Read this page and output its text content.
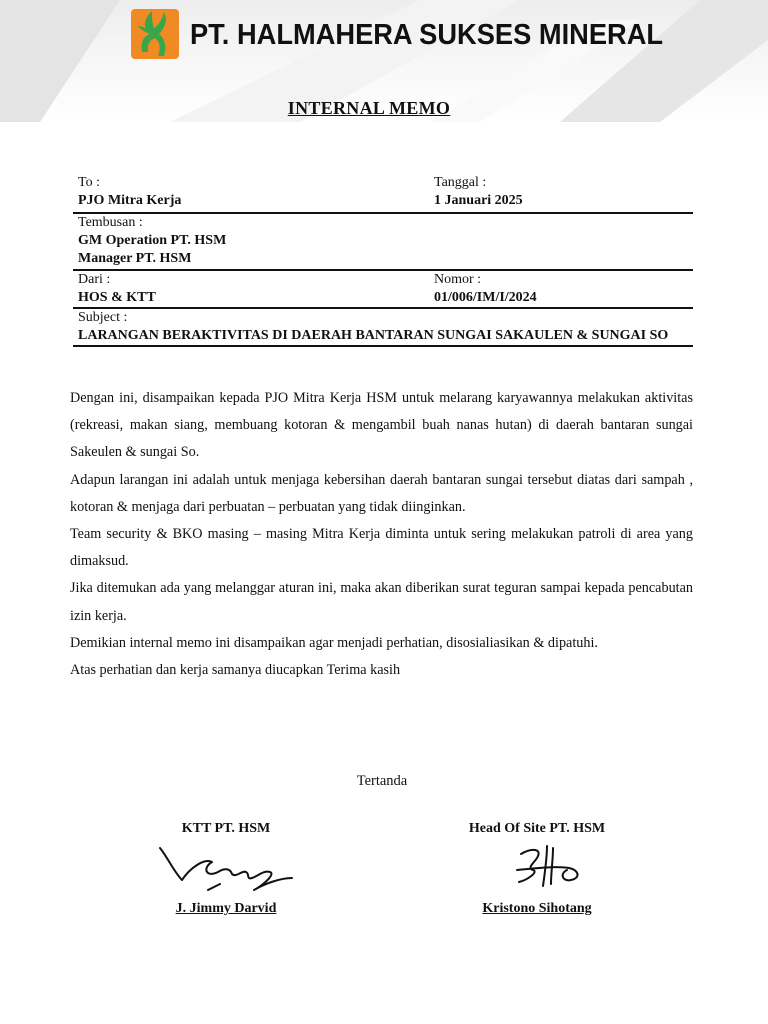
PT. HALMAHERA SUKSES MINERAL
INTERNAL MEMO
To :
PJO Mitra Kerja
Tanggal :
1 Januari 2025
Tembusan :
GM Operation PT. HSM
Manager PT. HSM
Dari :
HOS & KTT
Nomor :
01/006/IM/I/2024
Subject :
LARANGAN BERAKTIVITAS DI DAERAH BANTARAN SUNGAI SAKAULEN & SUNGAI SO

Dengan ini, disampaikan kepada PJO Mitra Kerja HSM untuk melarang karyawannya melakukan aktivitas (rekreasi, makan siang, membuang kotoran & mengambil buah nanas hutan) di daerah bantaran sungai Sakeulen & sungai So.

Adapun larangan ini adalah untuk menjaga kebersihan daerah bantaran sungai tersebut diatas dari sampah , kotoran & menjaga dari perbuatan – perbuatan yang tidak diinginkan.

Team security & BKO masing – masing Mitra Kerja diminta untuk sering melakukan patroli di area yang dimaksud.

Jika ditemukan ada yang melanggar aturan ini, maka akan diberikan surat teguran sampai kepada pencabutan izin kerja.

Demikian internal memo ini disampaikan agar menjadi perhatian, disosialiasikan & dipatuhi.

Atas perhatian dan kerja samanya diucapkan Terima kasih

Tertanda
KTT PT. HSM
J. Jimmy Darvid
Head Of Site PT. HSM
Kristono Sihotang
